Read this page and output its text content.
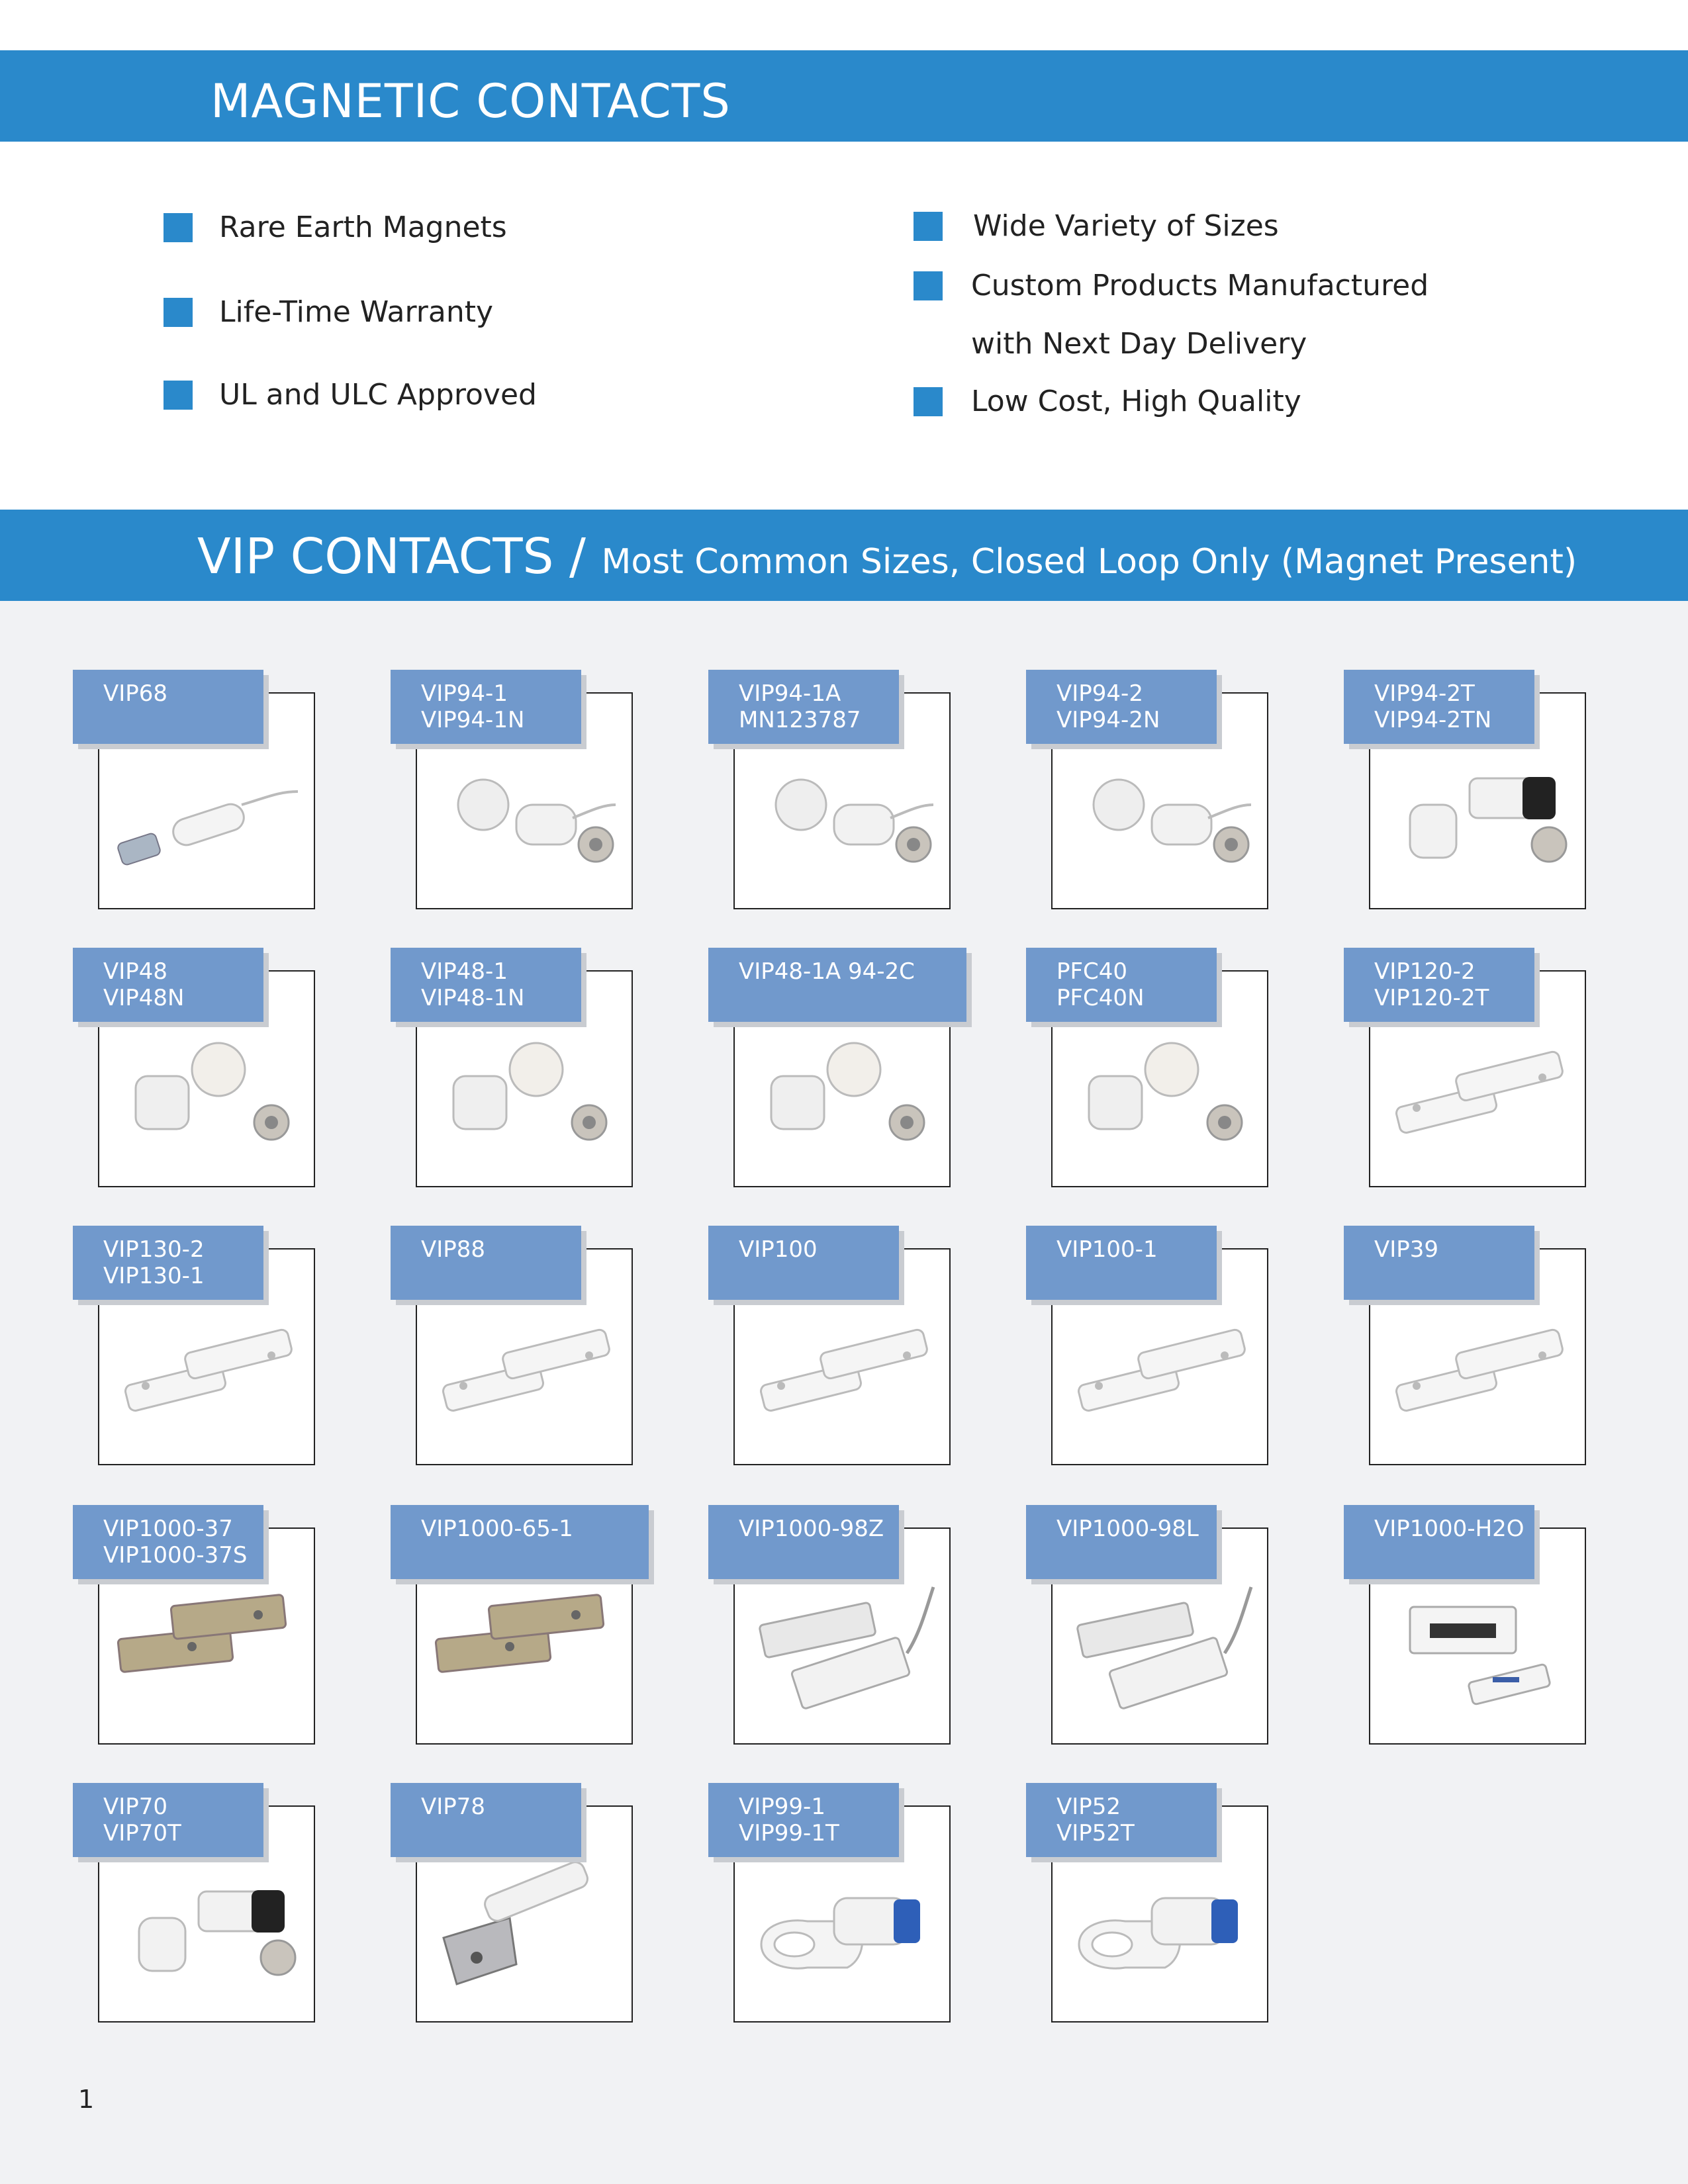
MAGNETIC CONTACTS
Rare Earth Magnets
Life-Time Warranty
UL and ULC Approved
Wide Variety of Sizes
Custom Products Manufactured
with Next Day Delivery
Low Cost, High Quality
VIP CONTACTS / Most Common Sizes, Closed Loop Only (Magnet Present)
VIP68	VIP94-1
VIP94-1N
VIP94-1A
MN123787
VIP94-2
VIP94-2N
VIP94-2T
VIP94-2TN
VIP48
VIP48N
VIP48-1
VIP48-1N
VIP48-1A 94-2C	PFC40
PFC40N
VIP120-2
VIP120-2T
VIP130-2
VIP130-1
VIP88	VIP100	VIP100-1	VIP39
VIP1000-37
VIP1000-37S
VIP1000-65-1	VIP1000-98Z	VIP1000-98L	VIP1000-H2O
VIP70
VIP70T
VIP78	VIP99-1
VIP99-1T
VIP52
VIP52T
1
